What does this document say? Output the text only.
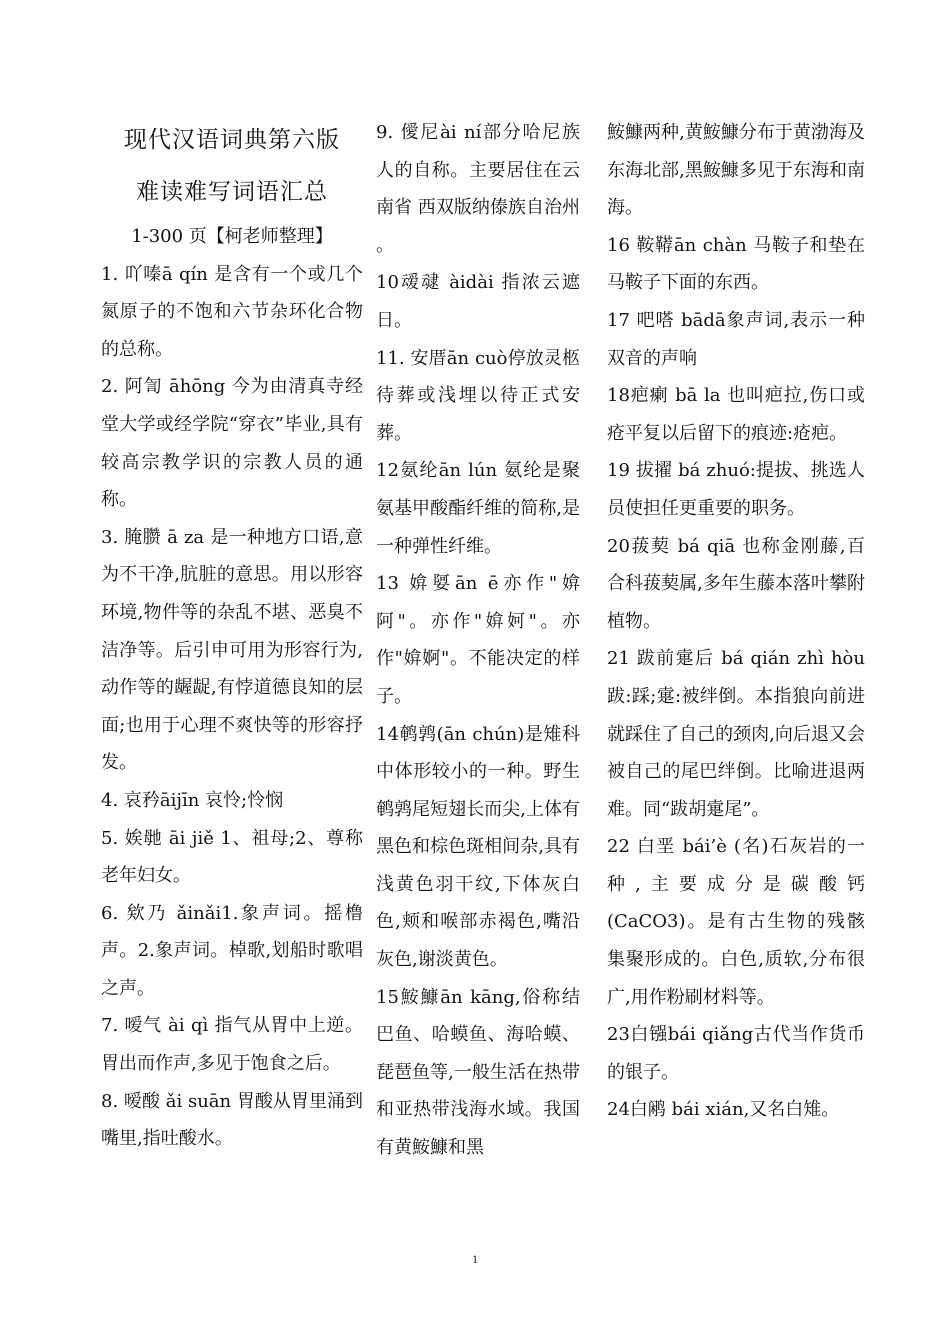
现代汉语词典第六版
难读难写词语汇总
1-300 页【柯老师整理】

1. 吖嗪ā qín 是含有一个或几个氮原子的不饱和六节杂环化合物的总称。

2. 阿訇 āhōng 今为由清真寺经堂大学或经学院“穿衣”毕业,具有较高宗教学识的宗教人员的通称。

3. 腌臜 ā za 是一种地方口语,意为不干净,肮脏的意思。用以形容环境,物件等的杂乱不堪、恶臭不洁净等。后引申可用为形容行为,动作等的龌龊,有悖道德良知的层面;也用于心理不爽快等的形容抒发。

4. 哀矜āijīn 哀怜;怜悯

5. 娭毑 āi jiě 1、祖母;2、尊称老年妇女。

6. 欸乃 ǎinǎi1.象声词。摇橹声。2.象声词。棹歌,划船时歌唱之声。

7. 嗳气 ài qì 指气从胃中上逆。胃出而作声,多见于饱食之后。

8. 嗳酸 ǎi suān 胃酸从胃里涌到嘴里,指吐酸水。

9. 僾尼ài ní部分哈尼族人的自称。主要居住在云南省 西双版纳傣族自治州 。

10叆叇 àidài 指浓云遮日。

11. 安厝ān cuò停放灵柩待葬或浅埋以待正式安葬。

12氨纶ān lún 氨纶是聚氨基甲酸酯纤维的简称,是一种弹性纤维。

13 媕娿ān ē亦作"媕阿"。亦作"媕妸"。亦作"媕婀"。不能决定的样子。

14鹌鹑(ān chún)是雉科中体形较小的一种。野生鹌鹑尾短翅长而尖,上体有黑色和棕色斑相间杂,具有浅黄色羽干纹,下体灰白色,颊和喉部赤褐色,嘴沿灰色,谢淡黄色。

15鮟鱇ān kāng,俗称结巴鱼、哈蟆鱼、海哈蟆、琵琶鱼等,一般生活在热带和亚热带浅海水域。我国有黄鮟鱇和黑

鮟鱇两种,黄鮟鱇分布于黄渤海及东海北部,黑鮟鱇多见于东海和南海。

16 鞍鞯ān chàn 马鞍子和垫在马鞍子下面的东西。

17 吧嗒 bādā象声词,表示一种双音的声响

18疤瘌 bā la 也叫疤拉,伤口或疮平复以后留下的痕迹:疮疤。

19 拔擢 bá zhuó:提拔、挑选人员使担任更重要的职务。

20菝葜 bá qiā 也称金刚藤,百合科菝葜属,多年生藤本落叶攀附植物。

21 跋前疐后 bá qián zhì hòu 跋:踩;疐:被绊倒。本指狼向前进就踩住了自己的颈肉,向后退又会被自己的尾巴绊倒。比喻进退两难。同“跋胡疐尾”。

22 白垩 bái’è (名)石灰岩的一种,主要成分是碳酸钙(CaCO3)。是有古生物的残骸集聚形成的。白色,质软,分布很广,用作粉刷材料等。

23白镪bái qiǎng古代当作货币的银子。

24白鹇 bái xián,又名白雉。

1
